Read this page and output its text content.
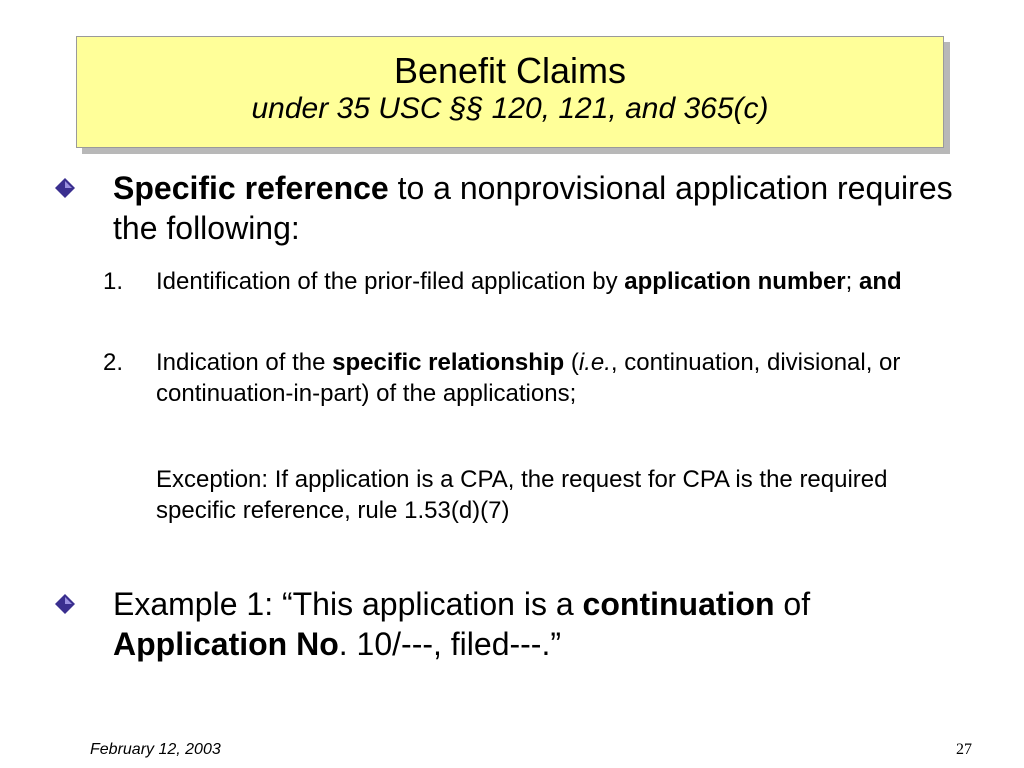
Benefit Claims
under 35 USC §§ 120, 121, and 365(c)
Specific reference to a nonprovisional application requires the following:
1. Identification of the prior-filed application by application number; and
2. Indication of the specific relationship (i.e., continuation, divisional, or continuation-in-part) of the applications;
Exception: If application is a CPA, the request for CPA is the required specific reference, rule 1.53(d)(7)
Example 1: “This application is a continuation of Application No. 10/---, filed---.”
February 12, 2003	27
